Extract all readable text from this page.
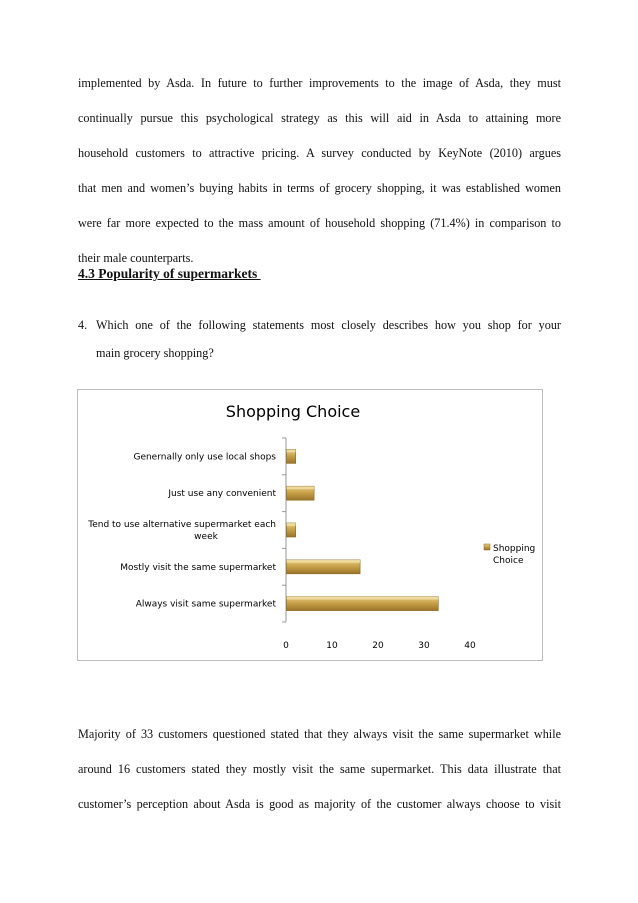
implemented by Asda. In future to further improvements to the image of Asda, they must
continually pursue this psychological strategy as this will aid in Asda to attaining more
household customers to attractive pricing. A survey conducted by KeyNote (2010) argues
that men and women’s buying habits in terms of grocery shopping, it was established women
were far more expected to the mass amount of household shopping (71.4%) in comparison to
their male counterparts.
4.3 Popularity of supermarkets
4. Which one of the following statements most closely describes how you shop for your
main grocery shopping?
Shopping Choice
Genernally only use local shops
Just use any convenient
Tend to use alternative supermarket each
week
Mostly visit the same supermarket
Always visit same supermarket
0	10	20	30	40
Shopping
Choice
Majority of 33 customers questioned stated that they always visit the same supermarket while
around 16 customers stated they mostly visit the same supermarket. This data illustrate that
customer’s perception about Asda is good as majority of the customer always choose to visit
